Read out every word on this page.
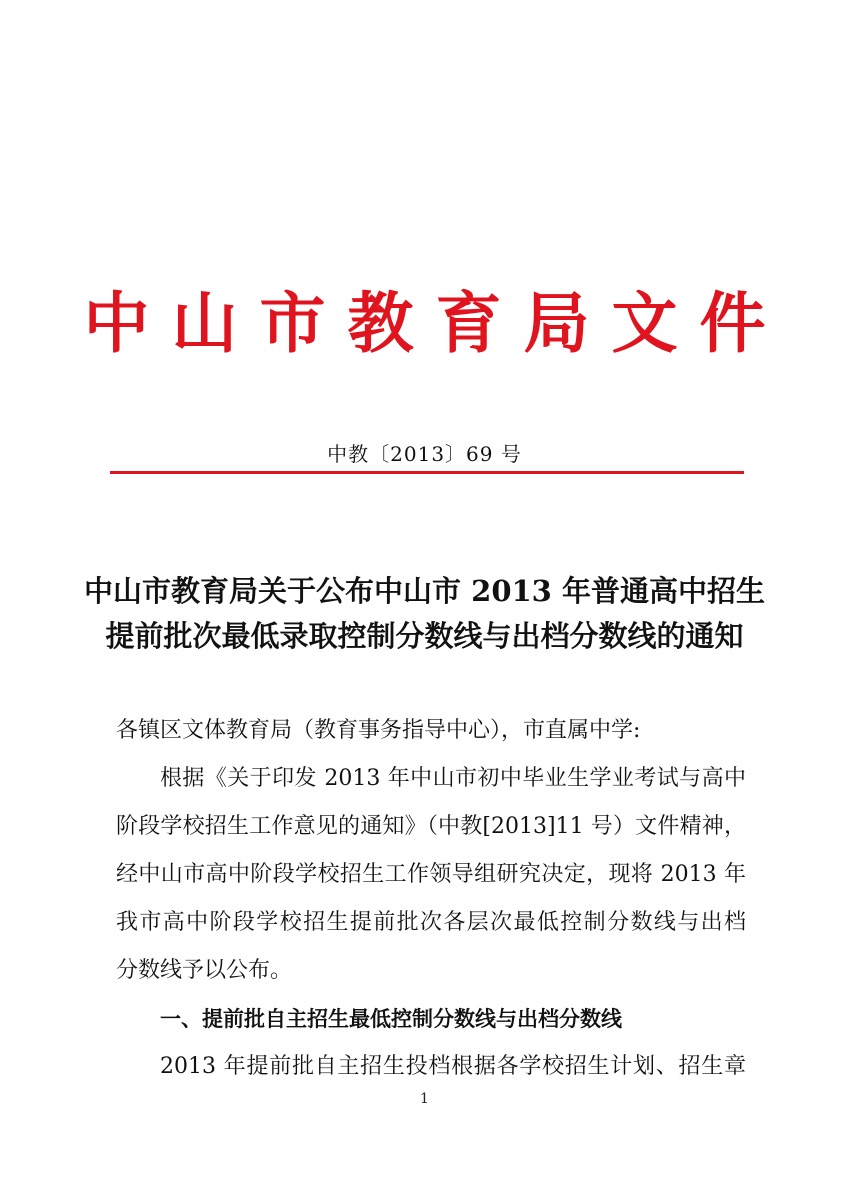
中山市教育局文件
中教〔2013〕69 号
中山市教育局关于公布中山市 2013 年普通高中招生
提前批次最低录取控制分数线与出档分数线的通知
各镇区文体教育局（教育事务指导中心），市直属中学:
根据《关于印发 2013 年中山市初中毕业生学业考试与高中
阶段学校招生工作意见的通知》（中教[2013]11 号）文件精神，
经中山市高中阶段学校招生工作领导组研究决定，现将 2013 年
我市高中阶段学校招生提前批次各层次最低控制分数线与出档
分数线予以公布。
一、提前批自主招生最低控制分数线与出档分数线
2013 年提前批自主招生投档根据各学校招生计划、招生章
1
